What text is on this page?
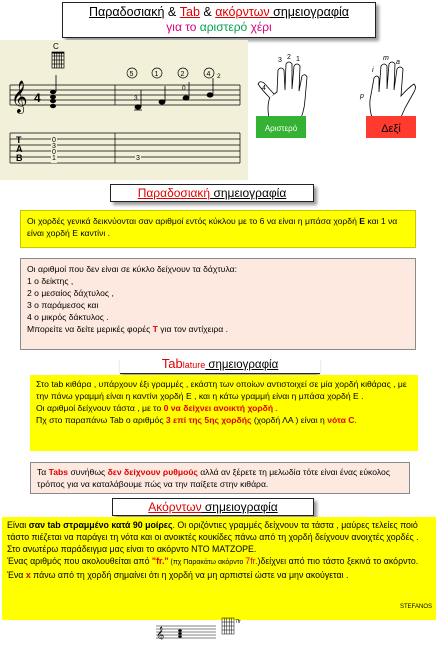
Παραδοσιακή & Tab & ακόρντων σημειογραφία
για το αριστερό χέρι
C
𝄞 4
5	1	2	4
3
0
2
T
A
B
0
3
0
1	3
3 2 1
4
p
i
m
a
Αριστερό	Δεξί
Παραδοσιακή σημειογραφία

Οι χορδές γενικά δεικνύονται σαν αριθμοί εντός κύκλου με το 6 να είναι η μπάσα χορδή E και 1 να είναι χορδή E καντίνι .

Οι αριθμοί που δεν είναι σε κύκλο δείχνουν τα δάχτυλα:

1 ο δείκτης ,

2 ο μεσαίος δάχτυλος ,

3 ο παράμεσος και

4 ο μικρός δάκτυλος .

Μπορείτε να δείτε μερικές φορές T για τον αντίχειρα .

Tablature σημειογραφία

Στο tab κιθάρα , υπάρχουν έξι γραμμές , εκάστη των οποίων αντιστοιχεί σε μία χορδή κιθάρας , με την πάνω γραμμή είναι η καντίνι χορδή E , και η κάτω γραμμή είναι η μπάσα χορδή E .

Οι αριθμοί δείχνουν τάστα , με το 0 να δείχνει ανοικτή χορδή .

Πχ στο παραπάνω Tab ο αριθμός 3 επί της 5ης χορδής (χορδή ΛΑ ) είναι η νότα C.

Τα Tabs συνήθως δεν δείχνουν ρυθμούς αλλά αν ξέρετε τη μελωδία τότε είναι ένας εύκολος τρόπος για να καταλάβουμε πώς να την παίξετε στην κιθάρα.

Ακόρντων σημειογραφία

Είναι σαν tab στραμμένο κατά 90 μοίρες. Οι οριζόντιες γραμμές δείχνουν τα τάστα , μαύρες τελείες ποιό τάστο πιέζεται να παράγει τη νότα και οι ανοικτές κουκίδες πάνω από τη χορδή δείχνουν ανοιχτές χορδές . Στο ανωτέρω παράδειγμα μας είναι το ακόρντο ΝΤΟ ΜΑΤΖΟΡΕ.

Ένας αριθμός που ακολουθείται από "fr." (πχ Παρακάτω ακόρντο 7fr.)δείχνει από πιο τάστο ξεκινά το ακόρντο. Ένα x πάνω από τη χορδή σημαίνει ότι η χορδή να μη αρπιστεί ώστε να μην ακούγεται .

STEFANOS
𝄞
7fr
